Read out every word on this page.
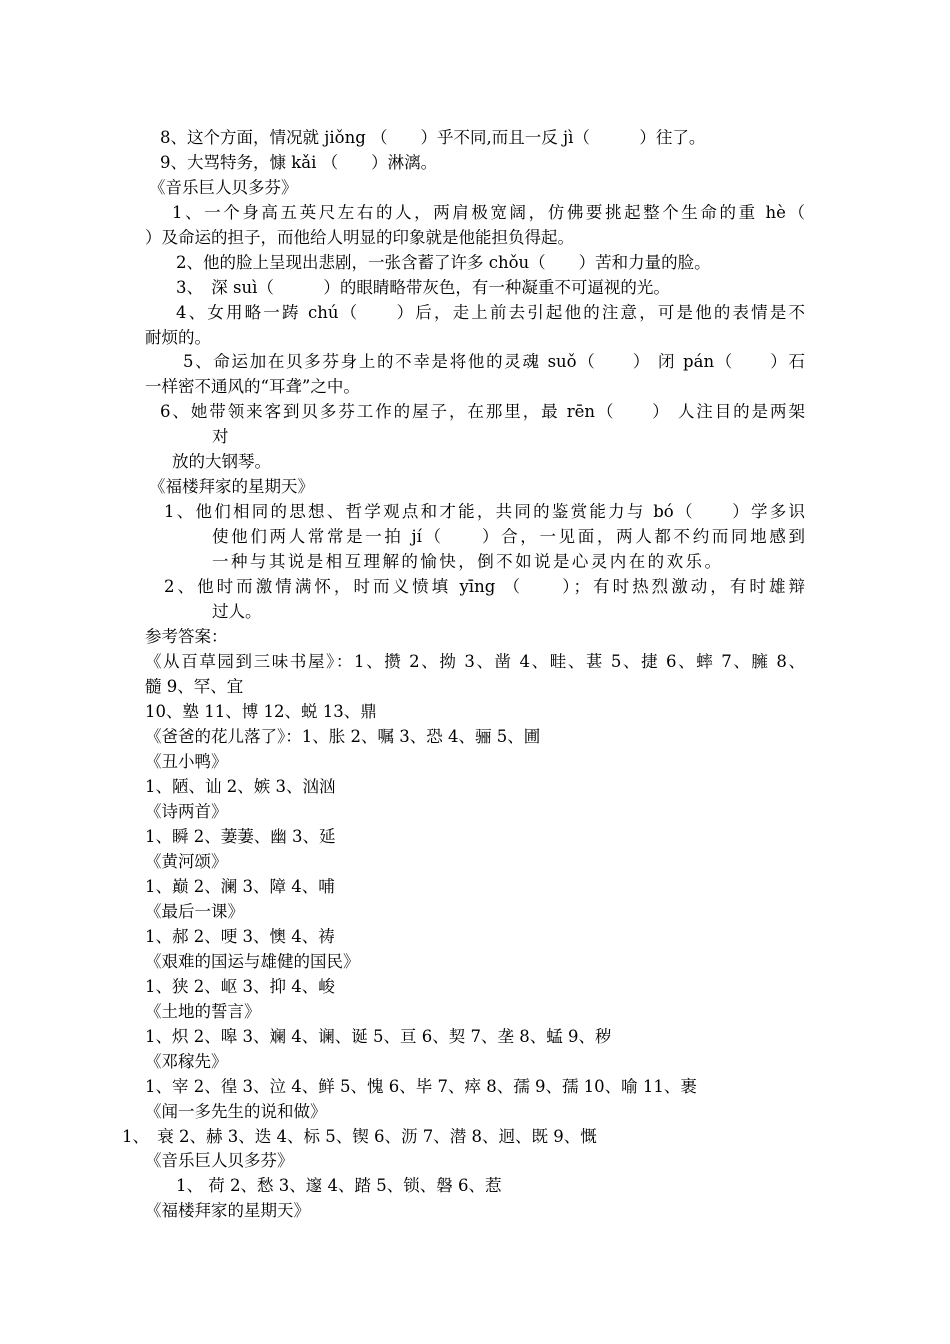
8、这个方面，情况就 jiǒng （　　）乎不同,而且一反 jì（　　　）往了。
9、大骂特务，慷 kǎi （　　）淋漓。
《音乐巨人贝多芬》
1、一个身高五英尺左右的人，两肩极宽阔，仿佛要挑起整个生命的重 hè（
）及命运的担子，而他给人明显的印象就是他能担负得起。
2、他的脸上呈现出悲剧，一张含蓄了许多 chǒu（　　）苦和力量的脸。
3、　深 suì（　　　）的眼睛略带灰色，有一种凝重不可逼视的光。
4、女用略一踌 chú（　　）后，走上前去引起他的注意，可是他的表情是不
耐烦的。
5、命运加在贝多芬身上的不幸是将他的灵魂 suǒ（　　） 闭 pán（　　）石
一样密不通风的“耳聋”之中。
6、她带领来客到贝多芬工作的屋子，在那里，最 rēn（　　） 人注目的是两架
对
放的大钢琴。
《福楼拜家的星期天》
1、他们相同的思想、哲学观点和才能，共同的鉴赏能力与 bó（　　）学多识
使他们两人常常是一拍 jí（　　）合，一见面，两人都不约而同地感到
一种与其说是相互理解的愉快，倒不如说是心灵内在的欢乐。
2、他时而激情满怀，时而义愤填 yīng （　　）；有时热烈激动，有时雄辩
过人。
参考答案：
《从百草园到三味书屋》：1、攒 2、拗 3、凿 4、畦、葚 5、捷 6、蟀 7、臃 8、
髓 9、罕、宜
10、塾 11、博 12、蜕 13、鼎
《爸爸的花儿落了》：1、胀 2、嘱 3、恐 4、骊 5、圃
《丑小鸭》
1、陋、讪 2、嫉 3、汹汹
《诗两首》
1、瞬 2、萋萋、幽 3、延
《黄河颂》
1、巅 2、澜 3、障 4、哺
《最后一课》
1、郝 2、哽 3、懊 4、祷
《艰难的国运与雄健的国民》
1、狭 2、岖 3、抑 4、峻
《土地的誓言》
1、炽 2、嗥 3、斓 4、谰、诞 5、亘 6、契 7、垄 8、蜢 9、秽
《邓稼先》
1、宰 2、徨 3、泣 4、鲜 5、愧 6、毕 7、瘁 8、孺 9、孺 10、喻 11、裹
《闻一多先生的说和做》
1、　衰 2、赫 3、迭 4、标 5、锲 6、沥 7、潜 8、迥、既 9、慨
《音乐巨人贝多芬》
1、 荷 2、愁 3、邃 4、踏 5、锁、磐 6、惹
《福楼拜家的星期天》
